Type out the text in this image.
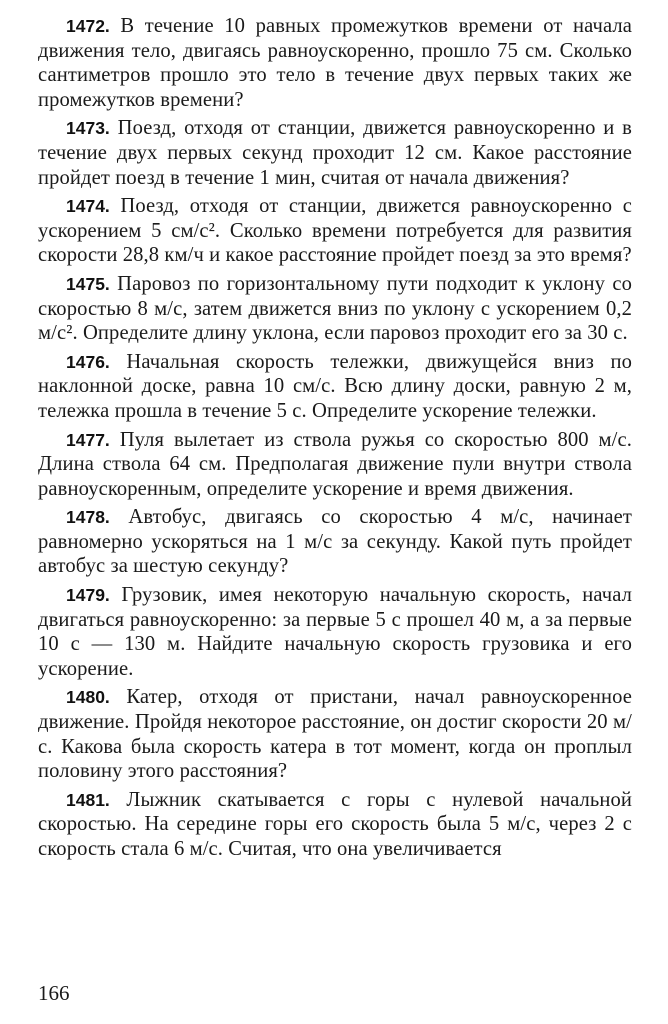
1472. В течение 10 равных промежутков времени от начала движения тело, двигаясь равноускоренно, прошло 75 см. Сколько сантиметров прошло это тело в течение двух первых таких же промежутков времени?

1473. Поезд, отходя от станции, движется равноускоренно и в течение двух первых секунд проходит 12 см. Какое расстояние пройдет поезд в течение 1 мин, считая от начала движения?

1474. Поезд, отходя от станции, движется равноускоренно с ускорением 5 см/с². Сколько времени потребуется для развития скорости 28,8 км/ч и какое расстояние пройдет поезд за это время?

1475. Паровоз по горизонтальному пути подходит к уклону со скоростью 8 м/с, затем движется вниз по уклону с ускорением 0,2 м/с². Определите длину уклона, если паровоз проходит его за 30 с.

1476. Начальная скорость тележки, движущейся вниз по наклонной доске, равна 10 см/с. Всю длину доски, равную 2 м, тележка прошла в течение 5 с. Определите ускорение тележки.

1477. Пуля вылетает из ствола ружья со скоростью 800 м/с. Длина ствола 64 см. Предполагая движение пули внутри ствола равноускоренным, определите ускорение и время движения.

1478. Автобус, двигаясь со скоростью 4 м/с, начинает равномерно ускоряться на 1 м/с за секунду. Какой путь пройдет автобус за шестую секунду?

1479. Грузовик, имея некоторую начальную скорость, начал двигаться равноускоренно: за первые 5 с прошел 40 м, а за первые 10 с — 130 м. Найдите начальную скорость грузовика и его ускорение.

1480. Катер, отходя от пристани, начал равноускоренное движение. Пройдя некоторое расстояние, он достиг скорости 20 м/с. Какова была скорость катера в тот момент, когда он проплыл половину этого расстояния?

1481. Лыжник скатывается с горы с нулевой начальной скоростью. На середине горы его скорость была 5 м/с, через 2 с скорость стала 6 м/с. Считая, что она увеличивается

166
